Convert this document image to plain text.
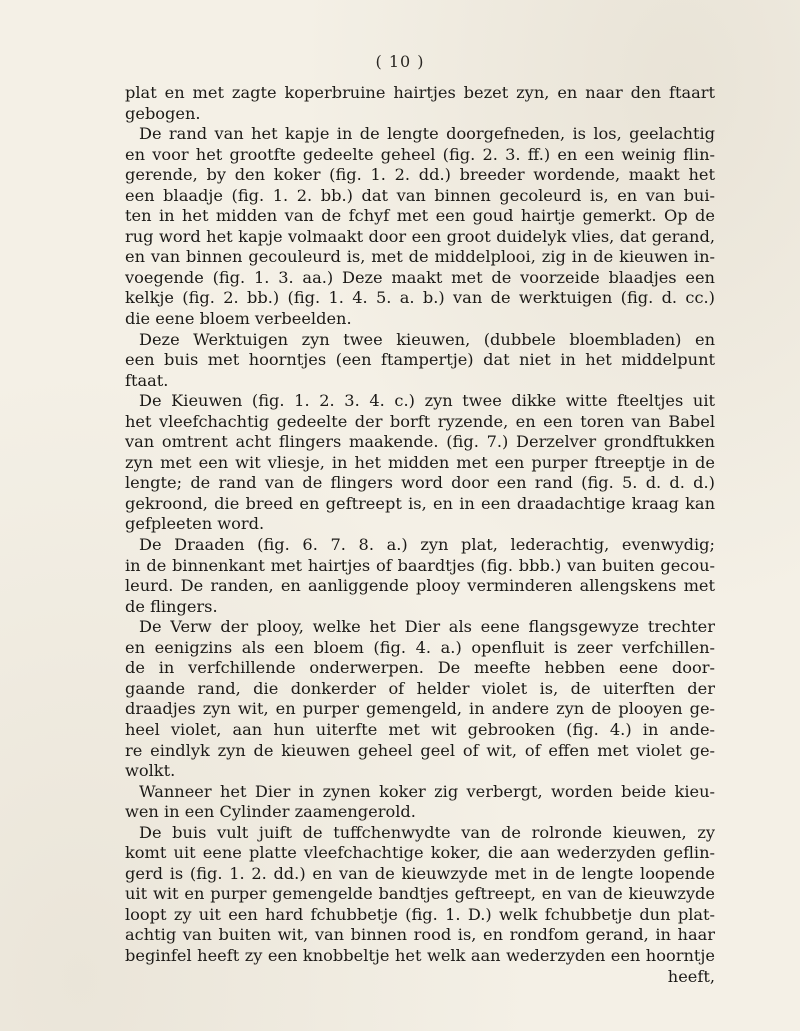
( 10 )
plat en met zagte koperbruine hairtjes bezet zyn, en naar den ftaart
gebogen.
De rand van het kapje in de lengte doorgefneden, is los, geelachtig
en voor het grootfte gedeelte geheel (fig. 2. 3. ff.) en een weinig flin-
gerende, by den koker (fig. 1. 2. dd.) breeder wordende, maakt het
een blaadje (fig. 1. 2. bb.) dat van binnen gecoleurd is, en van bui-
ten in het midden van de fchyf met een goud hairtje gemerkt. Op de
rug word het kapje volmaakt door een groot duidelyk vlies, dat gerand,
en van binnen gecouleurd is, met de middelplooi, zig in de kieuwen in-
voegende (fig. 1. 3. aa.) Deze maakt met de voorzeide blaadjes een
kelkje (fig. 2. bb.) (fig. 1. 4. 5. a. b.) van de werktuigen (fig. d. cc.)
die eene bloem verbeelden.
Deze Werktuigen zyn twee kieuwen, (dubbele bloembladen) en
een buis met hoorntjes (een ftampertje) dat niet in het middelpunt
ftaat.
De Kieuwen (fig. 1. 2. 3. 4. c.) zyn twee dikke witte fteeltjes uit
het vleefchachtig gedeelte der borft ryzende, en een toren van Babel
van omtrent acht flingers maakende. (fig. 7.) Derzelver grondftukken
zyn met een wit vliesje, in het midden met een purper ftreeptje in de
lengte; de rand van de flingers word door een rand (fig. 5. d. d. d.)
gekroond, die breed en geftreept is, en in een draadachtige kraag kan
gefpleeten word.
De Draaden (fig. 6. 7. 8. a.) zyn plat, lederachtig, evenwydig;
in de binnenkant met hairtjes of baardtjes (fig. bbb.) van buiten gecou-
leurd. De randen, en aanliggende plooy verminderen allengskens met
de flingers.
De Verw der plooy, welke het Dier als eene flangsgewyze trechter
en eenigzins als een bloem (fig. 4. a.) openfluit is zeer verfchillen-
de in verfchillende onderwerpen. De meefte hebben eene door-
gaande rand, die donkerder of helder violet is, de uiterften der
draadjes zyn wit, en purper gemengeld, in andere zyn de plooyen ge-
heel violet, aan hun uiterfte met wit gebrooken (fig. 4.) in ande-
re eindlyk zyn de kieuwen geheel geel of wit, of effen met violet ge-
wolkt.
Wanneer het Dier in zynen koker zig verbergt, worden beide kieu-
wen in een Cylinder zaamengerold.
De buis vult juift de tuffchenwydte van de rolronde kieuwen, zy
komt uit eene platte vleefchachtige koker, die aan wederzyden geflin-
gerd is (fig. 1. 2. dd.) en van de kieuwzyde met in de lengte loopende
uit wit en purper gemengelde bandtjes geftreept, en van de kieuwzyde
loopt zy uit een hard fchubbetje (fig. 1. D.) welk fchubbetje dun plat-
achtig van buiten wit, van binnen rood is, en rondfom gerand, in haar
beginfel heeft zy een knobbeltje het welk aan wederzyden een hoorntje
heeft,
